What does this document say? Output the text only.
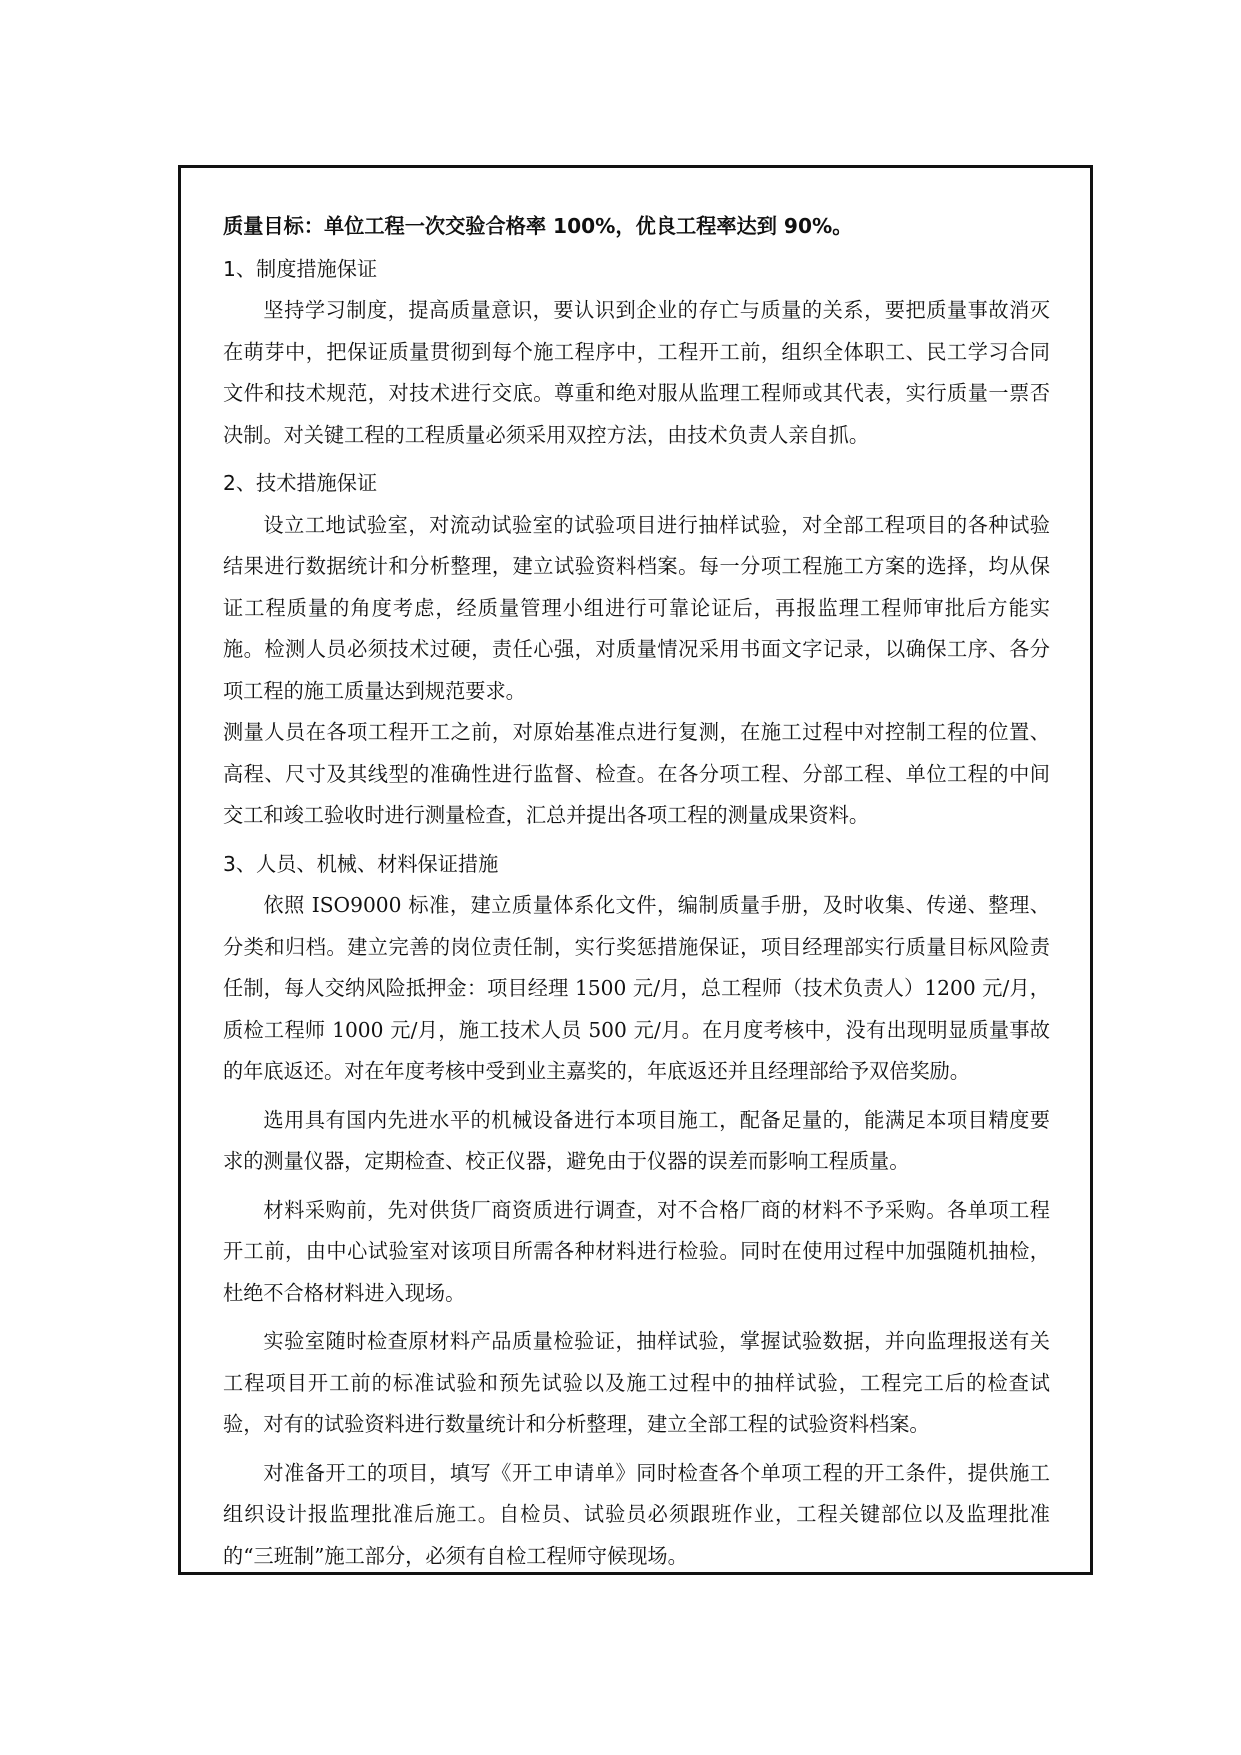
质量目标：单位工程一次交验合格率 100%，优良工程率达到 90%。

1、制度措施保证

坚持学习制度，提高质量意识，要认识到企业的存亡与质量的关系，要把质量事故消灭在萌芽中，把保证质量贯彻到每个施工程序中，工程开工前，组织全体职工、民工学习合同文件和技术规范，对技术进行交底。尊重和绝对服从监理工程师或其代表，实行质量一票否决制。对关键工程的工程质量必须采用双控方法，由技术负责人亲自抓。

2、技术措施保证

设立工地试验室，对流动试验室的试验项目进行抽样试验，对全部工程项目的各种试验结果进行数据统计和分析整理，建立试验资料档案。每一分项工程施工方案的选择，均从保证工程质量的角度考虑，经质量管理小组进行可靠论证后，再报监理工程师审批后方能实施。检测人员必须技术过硬，责任心强，对质量情况采用书面文字记录，以确保工序、各分项工程的施工质量达到规范要求。

测量人员在各项工程开工之前，对原始基准点进行复测，在施工过程中对控制工程的位置、高程、尺寸及其线型的准确性进行监督、检查。在各分项工程、分部工程、单位工程的中间交工和竣工验收时进行测量检查，汇总并提出各项工程的测量成果资料。

3、人员、机械、材料保证措施

依照 ISO9000 标准，建立质量体系化文件，编制质量手册，及时收集、传递、整理、分类和归档。建立完善的岗位责任制，实行奖惩措施保证，项目经理部实行质量目标风险责任制，每人交纳风险抵押金：项目经理 1500 元/月，总工程师（技术负责人）1200 元/月，质检工程师 1000 元/月，施工技术人员 500 元/月。在月度考核中，没有出现明显质量事故的年底返还。对在年度考核中受到业主嘉奖的，年底返还并且经理部给予双倍奖励。

选用具有国内先进水平的机械设备进行本项目施工，配备足量的，能满足本项目精度要求的测量仪器，定期检查、校正仪器，避免由于仪器的误差而影响工程质量。

材料采购前，先对供货厂商资质进行调查，对不合格厂商的材料不予采购。各单项工程开工前，由中心试验室对该项目所需各种材料进行检验。同时在使用过程中加强随机抽检，杜绝不合格材料进入现场。

实验室随时检查原材料产品质量检验证，抽样试验，掌握试验数据，并向监理报送有关工程项目开工前的标准试验和预先试验以及施工过程中的抽样试验，工程完工后的检查试验，对有的试验资料进行数量统计和分析整理，建立全部工程的试验资料档案。

对准备开工的项目，填写《开工申请单》同时检查各个单项工程的开工条件，提供施工组织设计报监理批准后施工。自检员、试验员必须跟班作业，工程关键部位以及监理批准的“三班制”施工部分，必须有自检工程师守候现场。
